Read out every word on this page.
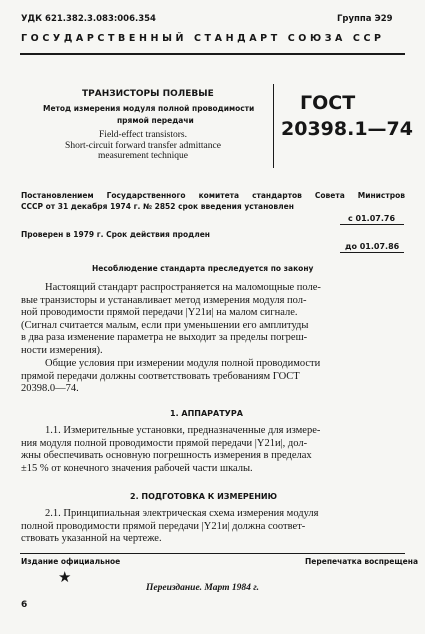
УДК 621.382.3.083:006.354	Группа Э29
ГОСУДАРСТВЕННЫЙ СТАНДАРТ СОЮЗА ССР
ТРАНЗИСТОРЫ ПОЛЕВЫЕ
Метод измерения модуля полной проводимости
прямой передачи
Field-effect transistors.
Short-circuit forward transfer admittance
measurement technique
ГОСТ
20398.1—74
Постановлением Государственного комитета стандартов Совета Министров
СССР от 31 декабря 1974 г. № 2852 срок введения установлен
с 01.07.76
Проверен в 1979 г. Срок действия продлен
до 01.07.86
Несоблюдение стандарта преследуется по закону
Настоящий стандарт распространяется на маломощные поле-
вые транзисторы и устанавливает метод измерения модуля пол-
ной проводимости прямой передачи |Y21и| на малом сигнале.
(Сигнал считается малым, если при уменьшении его амплитуды
в два раза изменение параметра не выходит за пределы погреш-
ности измерения).
Общие условия при измерении модуля полной проводимости
прямой передачи должны соответствовать требованиям ГОСТ
20398.0—74.
1. АППАРАТУРА
1.1. Измерительные установки, предназначенные для измере-
ния модуля полной проводимости прямой передачи |Y21и|, дол-
жны обеспечивать основную погрешность измерения в пределах
±15 % от конечного значения рабочей части шкалы.
2. ПОДГОТОВКА К ИЗМЕРЕНИЮ
2.1. Принципиальная электрическая схема измерения модуля
полной проводимости прямой передачи |Y21и| должна соответ-
ствовать указанной на чертеже.
Издание официальное	Перепечатка воспрещена
★
Переиздание. Март 1984 г.
6
